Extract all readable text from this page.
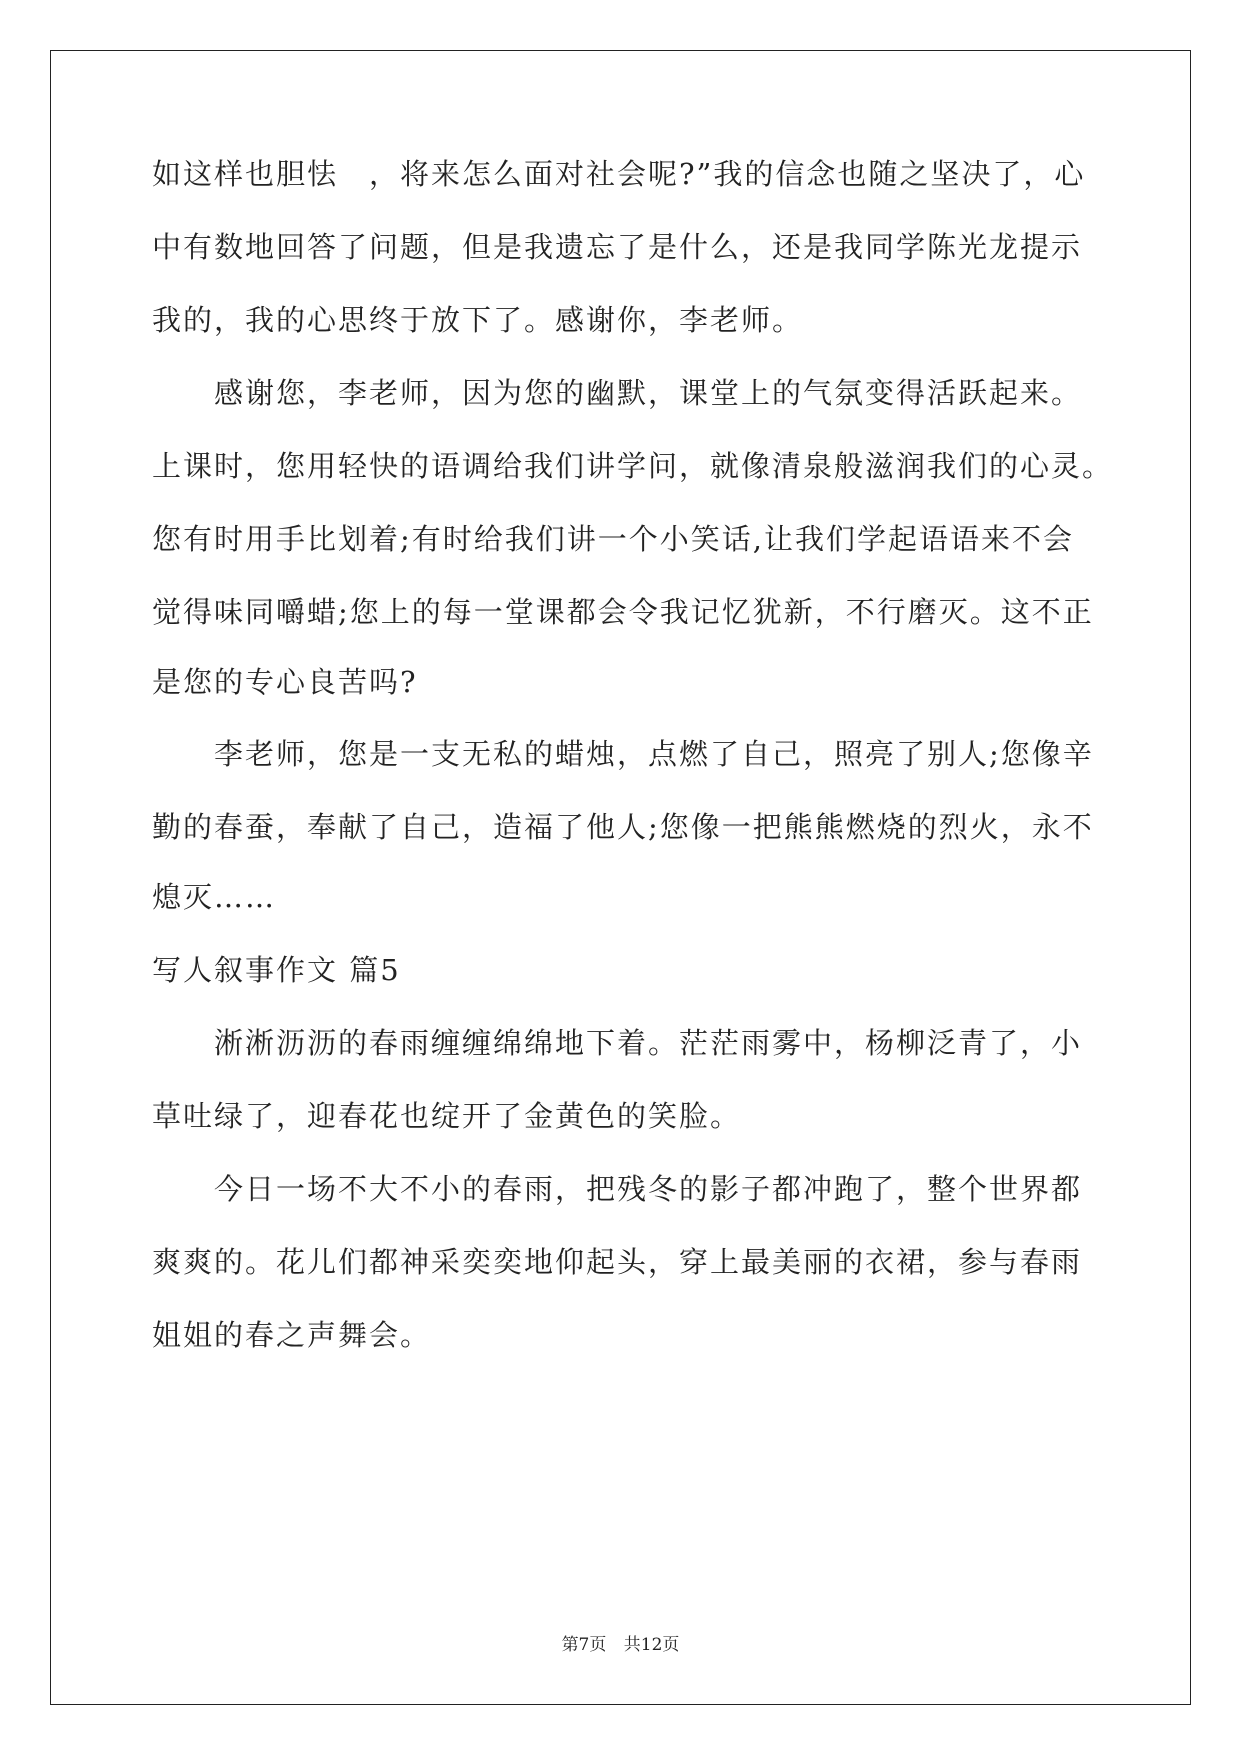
如这样也胆怯　，将来怎么面对社会呢?”我的信念也随之坚决了，心
中有数地回答了问题，但是我遗忘了是什么，还是我同学陈光龙提示
我的，我的心思终于放下了。感谢你，李老师。
　　感谢您，李老师，因为您的幽默，课堂上的气氛变得活跃起来。
上课时，您用轻快的语调给我们讲学问，就像清泉般滋润我们的心灵。
您有时用手比划着;有时给我们讲一个小笑话,让我们学起语语来不会
觉得味同嚼蜡;您上的每一堂课都会令我记忆犹新，不行磨灭。这不正
是您的专心良苦吗?
　　李老师，您是一支无私的蜡烛，点燃了自己，照亮了别人;您像辛
勤的春蚕，奉献了自己，造福了他人;您像一把熊熊燃烧的烈火，永不
熄灭……
写人叙事作文 篇5
　　淅淅沥沥的春雨缠缠绵绵地下着。茫茫雨雾中，杨柳泛青了，小
草吐绿了，迎春花也绽开了金黄色的笑脸。
　　今日一场不大不小的春雨，把残冬的影子都冲跑了，整个世界都
爽爽的。花儿们都神采奕奕地仰起头，穿上最美丽的衣裙，参与春雨
姐姐的春之声舞会。
第7页 共12页
